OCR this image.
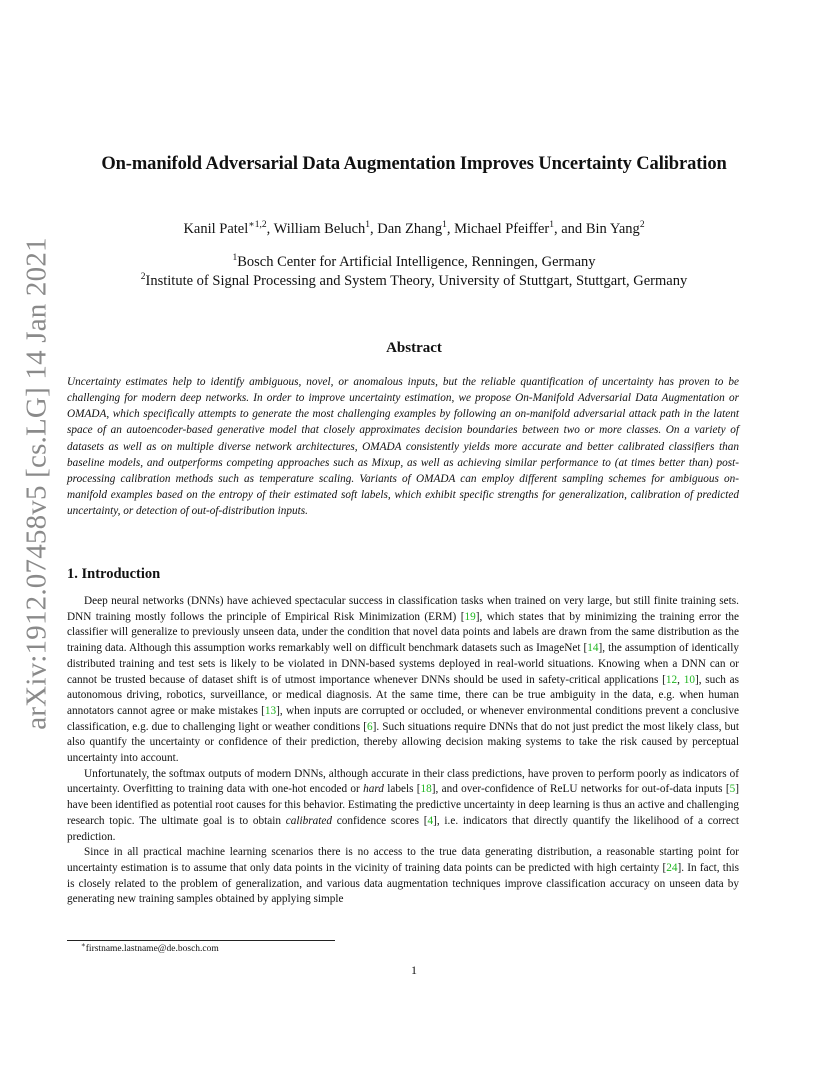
arXiv:1912.07458v5 [cs.LG] 14 Jan 2021
On-manifold Adversarial Data Augmentation Improves Uncertainty Calibration
Kanil Patel$^{∗1,2}$, William Beluch$^1$, Dan Zhang$^1$, Michael Pfeiffer$^1$, and Bin Yang$^2$
$^1$Bosch Center for Artificial Intelligence, Renningen, Germany
$^2$Institute of Signal Processing and System Theory, University of Stuttgart, Stuttgart, Germany
Abstract
Uncertainty estimates help to identify ambiguous, novel, or anomalous inputs, but the reliable quantification of uncertainty has proven to be challenging for modern deep networks. In order to improve uncertainty estimation, we propose On-Manifold Adversarial Data Augmentation or OMADA, which specifically attempts to generate the most challenging examples by following an on-manifold adversarial attack path in the latent space of an autoencoder-based generative model that closely approximates decision boundaries between two or more classes. On a variety of datasets as well as on multiple diverse network architectures, OMADA consistently yields more accurate and better calibrated classifiers than baseline models, and outperforms competing approaches such as Mixup, as well as achieving similar performance to (at times better than) post-processing calibration methods such as temperature scaling. Variants of OMADA can employ different sampling schemes for ambiguous on-manifold examples based on the entropy of their estimated soft labels, which exhibit specific strengths for generalization, calibration of predicted uncertainty, or detection of out-of-distribution inputs.
1. Introduction

Deep neural networks (DNNs) have achieved spectacular success in classification tasks when trained on very large, but still finite training sets. DNN training mostly follows the principle of Empirical Risk Minimization (ERM) [19], which states that by minimizing the training error the classifier will generalize to previously unseen data, under the condition that novel data points and labels are drawn from the same distribution as the training data. Although this assumption works remarkably well on difficult benchmark datasets such as ImageNet [14], the assumption of identically distributed training and test sets is likely to be violated in DNN-based systems deployed in real-world situations. Knowing when a DNN can or cannot be trusted because of dataset shift is of utmost importance whenever DNNs should be used in safety-critical applications [12, 10], such as autonomous driving, robotics, surveillance, or medical diagnosis. At the same time, there can be true ambiguity in the data, e.g. when human annotators cannot agree or make mistakes [13], when inputs are corrupted or occluded, or whenever environmental conditions prevent a conclusive classification, e.g. due to challenging light or weather conditions [6]. Such situations require DNNs that do not just predict the most likely class, but also quantify the uncertainty or confidence of their prediction, thereby allowing decision making systems to take the risk caused by perceptual uncertainty into account.

Unfortunately, the softmax outputs of modern DNNs, although accurate in their class predictions, have proven to perform poorly as indicators of uncertainty. Overfitting to training data with one-hot encoded or hard labels [18], and over-confidence of ReLU networks for out-of-data inputs [5] have been identified as potential root causes for this behavior. Estimating the predictive uncertainty in deep learning is thus an active and challenging research topic. The ultimate goal is to obtain calibrated confidence scores [4], i.e. indicators that directly quantify the likelihood of a correct prediction.

Since in all practical machine learning scenarios there is no access to the true data generating distribution, a reasonable starting point for uncertainty estimation is to assume that only data points in the vicinity of training data points can be predicted with high certainty [24]. In fact, this is closely related to the problem of generalization, and various data augmentation techniques improve classification accuracy on unseen data by generating new training samples obtained by applying simple

∗firstname.lastname@de.bosch.com
1
